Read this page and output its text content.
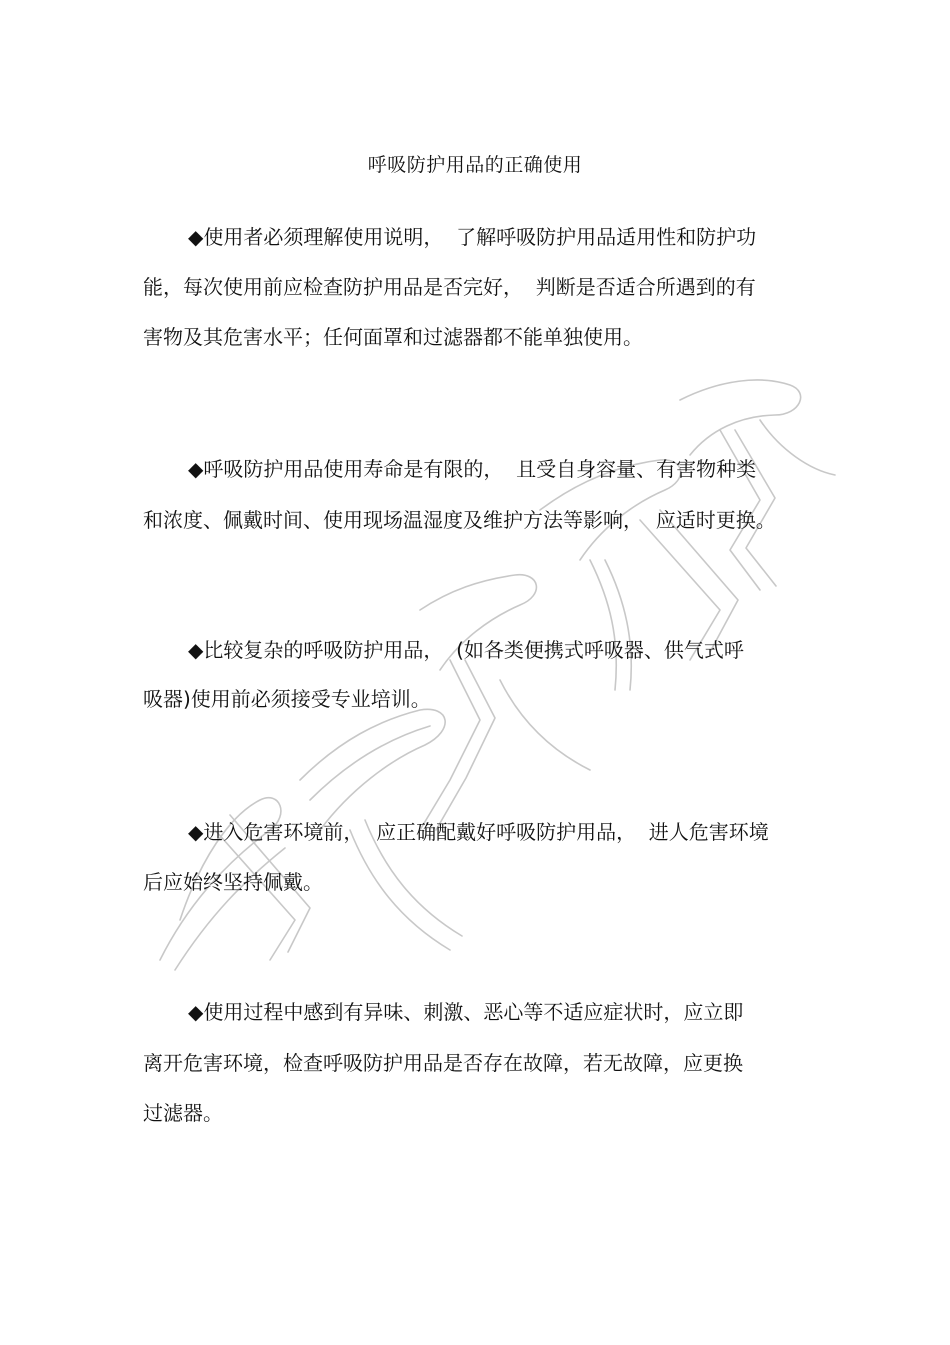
呼吸防护用品的正确使用
◆使用者必须理解使用说明，  了解呼吸防护用品适用性和防护功
能，每次使用前应检查防护用品是否完好，  判断是否适合所遇到的有
害物及其危害水平；任何面罩和过滤器都不能单独使用。
◆呼吸防护用品使用寿命是有限的，  且受自身容量、有害物种类
和浓度、佩戴时间、使用现场温湿度及维护方法等影响，  应适时更换。
◆比较复杂的呼吸防护用品，  (如各类便携式呼吸器、供气式呼
吸器)使用前必须接受专业培训。
◆进入危害环境前，  应正确配戴好呼吸防护用品，  进人危害环境
后应始终坚持佩戴。
◆使用过程中感到有异味、刺激、恶心等不适应症状时，应立即
离开危害环境，检查呼吸防护用品是否存在故障，若无故障，应更换
过滤器。
